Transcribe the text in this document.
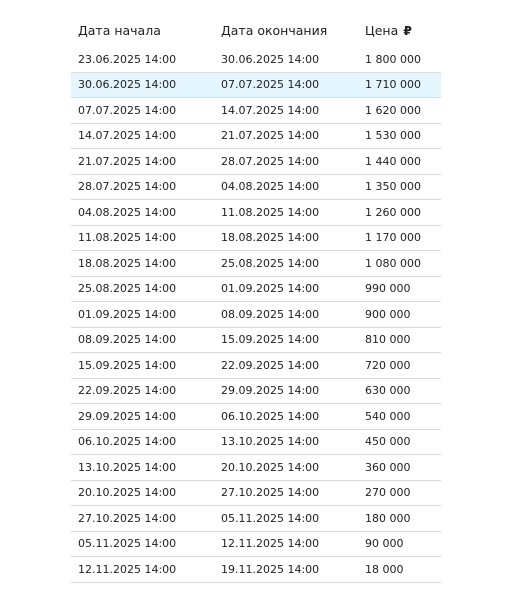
Дата начала	Дата окончания	Цена ₽
23.06.2025 14:00	30.06.2025 14:00	1 800 000
30.06.2025 14:00	07.07.2025 14:00	1 710 000
07.07.2025 14:00	14.07.2025 14:00	1 620 000
14.07.2025 14:00	21.07.2025 14:00	1 530 000
21.07.2025 14:00	28.07.2025 14:00	1 440 000
28.07.2025 14:00	04.08.2025 14:00	1 350 000
04.08.2025 14:00	11.08.2025 14:00	1 260 000
11.08.2025 14:00	18.08.2025 14:00	1 170 000
18.08.2025 14:00	25.08.2025 14:00	1 080 000
25.08.2025 14:00	01.09.2025 14:00	990 000
01.09.2025 14:00	08.09.2025 14:00	900 000
08.09.2025 14:00	15.09.2025 14:00	810 000
15.09.2025 14:00	22.09.2025 14:00	720 000
22.09.2025 14:00	29.09.2025 14:00	630 000
29.09.2025 14:00	06.10.2025 14:00	540 000
06.10.2025 14:00	13.10.2025 14:00	450 000
13.10.2025 14:00	20.10.2025 14:00	360 000
20.10.2025 14:00	27.10.2025 14:00	270 000
27.10.2025 14:00	05.11.2025 14:00	180 000
05.11.2025 14:00	12.11.2025 14:00	90 000
12.11.2025 14:00	19.11.2025 14:00	18 000
